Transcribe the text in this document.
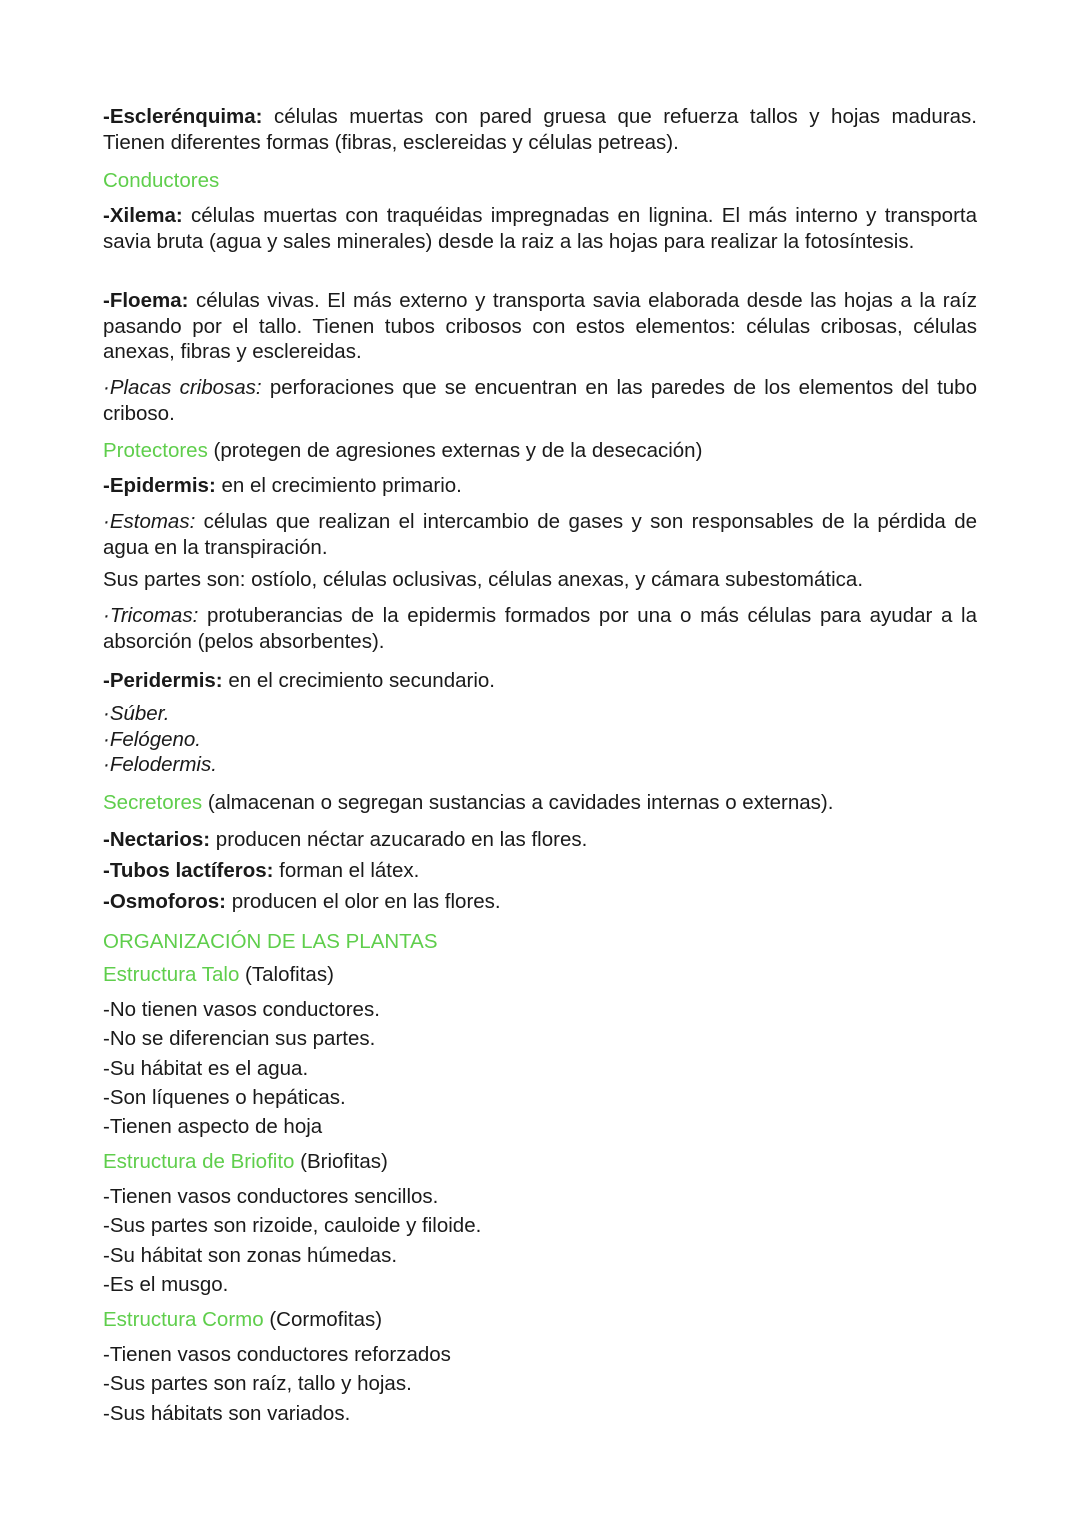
-Esclerénquima: células muertas con pared gruesa que refuerza tallos y hojas maduras. Tienen diferentes formas (fibras, esclereidas y células petreas).

Conductores

-Xilema: células muertas con traquéidas impregnadas en lignina. El más interno y transporta savia bruta (agua y sales minerales) desde la raiz a las hojas para realizar la fotosíntesis.

-Floema: células vivas. El más externo y transporta savia elaborada desde las hojas a la raíz pasando por el tallo. Tienen tubos cribosos con estos elementos: células cribosas, células anexas, fibras y esclereidas.

·Placas cribosas: perforaciones que se encuentran en las paredes de los elementos del tubo criboso.

Protectores (protegen de agresiones externas y de la desecación)
-Epidermis: en el crecimiento primario.

·Estomas: células que realizan el intercambio de gases y son responsables de la pérdida de agua en la transpiración.

Sus partes son: ostíolo, células oclusivas, células anexas, y cámara subestomática.

·Tricomas: protuberancias de la epidermis formados por una o más células para ayudar a la absorción (pelos absorbentes).

-Peridermis: en el crecimiento secundario.
·Súber.
·Felógeno.
·Felodermis.
Secretores (almacenan o segregan sustancias a cavidades internas o externas).
-Nectarios: producen néctar azucarado en las flores.
-Tubos lactíferos: forman el látex.
-Osmoforos: producen el olor en las flores.
ORGANIZACIÓN DE LAS PLANTAS
Estructura Talo (Talofitas)
-No tienen vasos conductores.
-No se diferencian sus partes.
-Su hábitat es el agua.
-Son líquenes o hepáticas.
-Tienen aspecto de hoja
Estructura de Briofito (Briofitas)
-Tienen vasos conductores sencillos.
-Sus partes son rizoide, cauloide y filoide.
-Su hábitat son zonas húmedas.
-Es el musgo.
Estructura Cormo (Cormofitas)
-Tienen vasos conductores reforzados
-Sus partes son raíz, tallo y hojas.
-Sus hábitats son variados.
